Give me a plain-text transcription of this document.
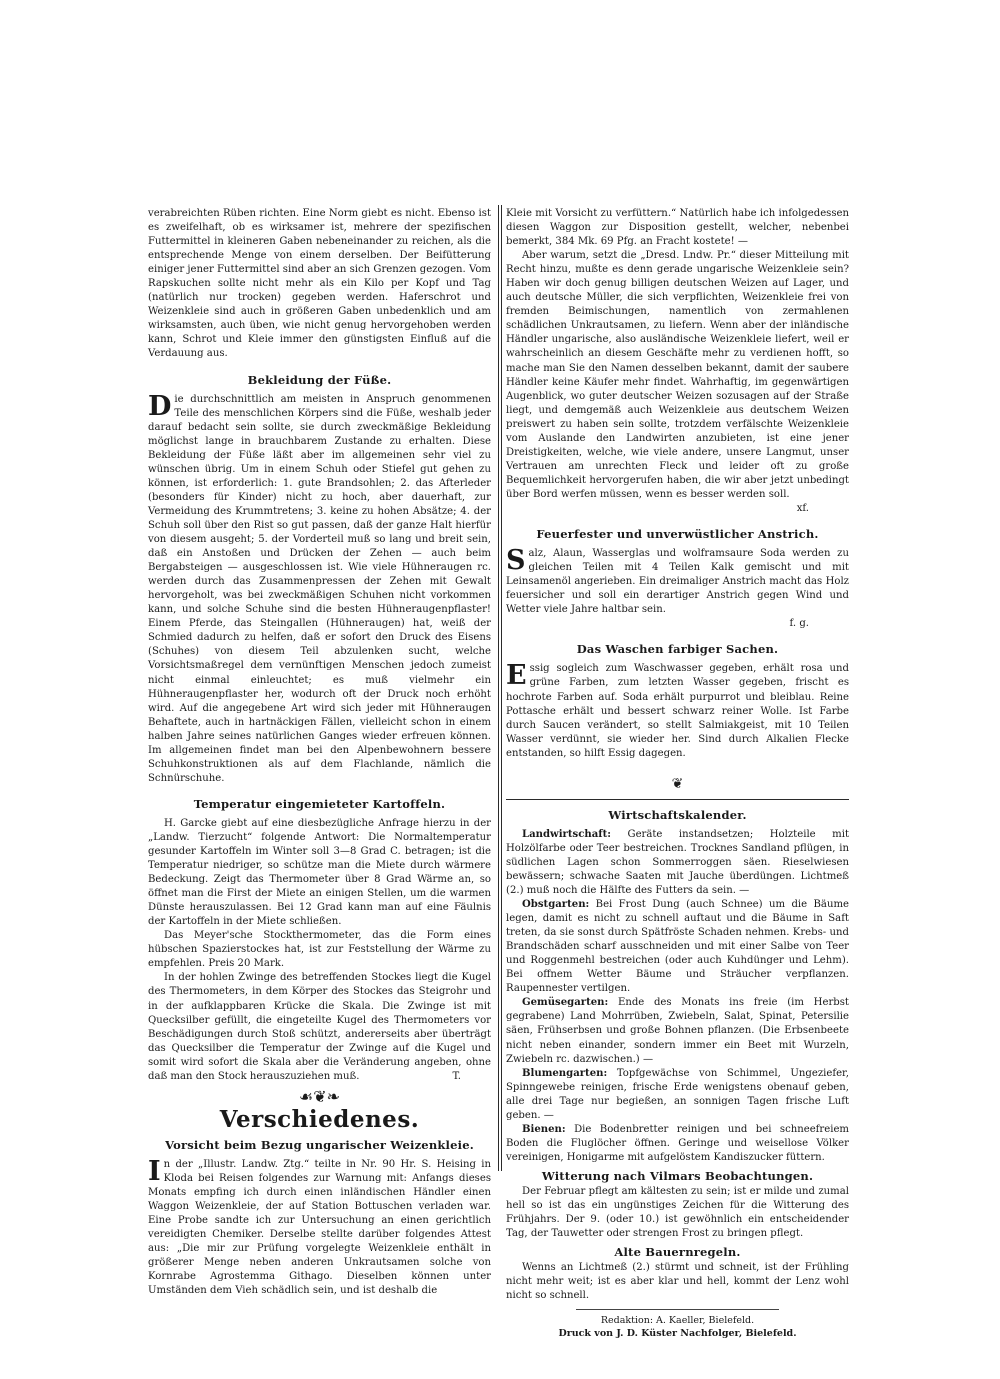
verabreichten Rüben richten. Eine Norm giebt es nicht. Ebenso ist es zweifelhaft, ob es wirksamer ist, mehrere der spezifischen Futtermittel in kleineren Gaben nebeneinander zu reichen, als die entsprechende Menge von einem derselben. Der Beifütterung einiger jener Futtermittel sind aber an sich Grenzen gezogen. Vom Rapskuchen sollte nicht mehr als ein Kilo per Kopf und Tag (natürlich nur trocken) gegeben werden. Haferschrot und Weizenkleie sind auch in größeren Gaben unbedenklich und am wirksamsten, auch üben, wie nicht genug hervorgehoben werden kann, Schrot und Kleie immer den günstigsten Einfluß auf die Verdauung aus.

Bekleidung der Füße.

Die durchschnittlich am meisten in Anspruch genommenen Teile des menschlichen Körpers sind die Füße, weshalb jeder darauf bedacht sein sollte, sie durch zweckmäßige Bekleidung möglichst lange in brauchbarem Zustande zu erhalten. Diese Bekleidung der Füße läßt aber im allgemeinen sehr viel zu wünschen übrig. Um in einem Schuh oder Stiefel gut gehen zu können, ist erforderlich: 1. gute Brandsohlen; 2. das Afterleder (besonders für Kinder) nicht zu hoch, aber dauerhaft, zur Vermeidung des Krummtretens; 3. keine zu hohen Absätze; 4. der Schuh soll über den Rist so gut passen, daß der ganze Halt hierfür von diesem ausgeht; 5. der Vorderteil muß so lang und breit sein, daß ein Anstoßen und Drücken der Zehen — auch beim Bergabsteigen — ausgeschlossen ist. Wie viele Hühneraugen rc. werden durch das Zusammenpressen der Zehen mit Gewalt hervorgeholt, was bei zweckmäßigen Schuhen nicht vorkommen kann, und solche Schuhe sind die besten Hühneraugenpflaster! Einem Pferde, das Steingallen (Hühneraugen) hat, weiß der Schmied dadurch zu helfen, daß er sofort den Druck des Eisens (Schuhes) von diesem Teil abzulenken sucht, welche Vorsichtsmaßregel dem vernünftigen Menschen jedoch zumeist nicht einmal einleuchtet; es muß vielmehr ein Hühneraugenpflaster her, wodurch oft der Druck noch erhöht wird. Auf die angegebene Art wird sich jeder mit Hühneraugen Behaftete, auch in hartnäckigen Fällen, vielleicht schon in einem halben Jahre seines natürlichen Ganges wieder erfreuen können. Im allgemeinen findet man bei den Alpenbewohnern bessere Schuhkonstruktionen als auf dem Flachlande, nämlich die Schnürschuhe.

Temperatur eingemieteter Kartoffeln.

H. Garcke giebt auf eine diesbezügliche Anfrage hierzu in der „Landw. Tierzucht“ folgende Antwort: Die Normaltemperatur gesunder Kartoffeln im Winter soll 3—8 Grad C. betragen; ist die Temperatur niedriger, so schütze man die Miete durch wärmere Bedeckung. Zeigt das Thermometer über 8 Grad Wärme an, so öffnet man die First der Miete an einigen Stellen, um die warmen Dünste herauszulassen. Bei 12 Grad kann man auf eine Fäulnis der Kartoffeln in der Miete schließen.

Das Meyer'sche Stockthermometer, das die Form eines hübschen Spazierstockes hat, ist zur Feststellung der Wärme zu empfehlen. Preis 20 Mark.

In der hohlen Zwinge des betreffenden Stockes liegt die Kugel des Thermometers, in dem Körper des Stockes das Steigrohr und in der aufklappbaren Krücke die Skala. Die Zwinge ist mit Quecksilber gefüllt, die eingeteilte Kugel des Thermometers vor Beschädigungen durch Stoß schützt, andererseits aber überträgt das Quecksilber die Temperatur der Zwinge auf die Kugel und somit wird sofort die Skala aber die Veränderung angeben, ohne daß man den Stock herauszuziehen muß.	T.

☙❦❧
Verschiedenes.
Vorsicht beim Bezug ungarischer Weizenkleie.

In der „Illustr. Landw. Ztg.“ teilte in Nr. 90 Hr. S. Heising in Kloda bei Reisen folgendes zur Warnung mit: Anfangs dieses Monats empfing ich durch einen inländischen Händler einen Waggon Weizenkleie, der auf Station Bottuschen verladen war. Eine Probe sandte ich zur Untersuchung an einen gerichtlich vereidigten Chemiker. Derselbe stellte darüber folgendes Attest aus: „Die mir zur Prüfung vorgelegte Weizenkleie enthält in größerer Menge neben anderen Unkrautsamen solche von Kornrabe Agrostemma Githago. Dieselben können unter Umständen dem Vieh schädlich sein, und ist deshalb die

Kleie mit Vorsicht zu verfüttern.“ Natürlich habe ich infolgedessen diesen Waggon zur Disposition gestellt, welcher, nebenbei bemerkt, 384 Mk. 69 Pfg. an Fracht kostete! —

Aber warum, setzt die „Dresd. Lndw. Pr.“ dieser Mitteilung mit Recht hinzu, mußte es denn gerade ungarische Weizenkleie sein? Haben wir doch genug billigen deutschen Weizen auf Lager, und auch deutsche Müller, die sich verpflichten, Weizenkleie frei von fremden Beimischungen, namentlich von zermahlenen schädlichen Unkrautsamen, zu liefern. Wenn aber der inländische Händler ungarische, also ausländische Weizenkleie liefert, weil er wahrscheinlich an diesem Geschäfte mehr zu verdienen hofft, so mache man Sie den Namen desselben bekannt, damit der saubere Händler keine Käufer mehr findet. Wahrhaftig, im gegenwärtigen Augenblick, wo guter deutscher Weizen sozusagen auf der Straße liegt, und demgemäß auch Weizenkleie aus deutschem Weizen preiswert zu haben sein sollte, trotzdem verfälschte Weizenkleie vom Auslande den Landwirten anzubieten, ist eine jener Dreistigkeiten, welche, wie viele andere, unsere Langmut, unser Vertrauen am unrechten Fleck und leider oft zu große Bequemlichkeit hervorgerufen haben, die wir aber jetzt unbedingt über Bord werfen müssen, wenn es besser werden soll.

xf.

Feuerfester und unverwüstlicher Anstrich.

Salz, Alaun, Wasserglas und wolframsaure Soda werden zu gleichen Teilen mit 4 Teilen Kalk gemischt und mit Leinsamenöl angerieben. Ein dreimaliger Anstrich macht das Holz feuersicher und soll ein derartiger Anstrich gegen Wind und Wetter viele Jahre haltbar sein.

f. g.

Das Waschen farbiger Sachen.

Essig sogleich zum Waschwasser gegeben, erhält rosa und grüne Farben, zum letzten Wasser gegeben, frischt es hochrote Farben auf. Soda erhält purpurrot und bleiblau. Reine Pottasche erhält und bessert schwarz reiner Wolle. Ist Farbe durch Saucen verändert, so stellt Salmiakgeist, mit 10 Teilen Wasser verdünnt, sie wieder her. Sind durch Alkalien Flecke entstanden, so hilft Essig dagegen.

❦
Wirtschaftskalender.

Landwirtschaft: Geräte instandsetzen; Holzteile mit Holzölfarbe oder Teer bestreichen. Trocknes Sandland pflügen, in südlichen Lagen schon Sommerroggen säen. Rieselwiesen bewässern; schwache Saaten mit Jauche überdüngen. Lichtmeß (2.) muß noch die Hälfte des Futters da sein. —

Obstgarten: Bei Frost Dung (auch Schnee) um die Bäume legen, damit es nicht zu schnell auftaut und die Bäume in Saft treten, da sie sonst durch Spätfröste Schaden nehmen. Krebs- und Brandschäden scharf ausschneiden und mit einer Salbe von Teer und Roggenmehl bestreichen (oder auch Kuhdünger und Lehm). Bei offnem Wetter Bäume und Sträucher verpflanzen. Raupennester vertilgen.

Gemüsegarten: Ende des Monats ins freie (im Herbst gegrabene) Land Mohrrüben, Zwiebeln, Salat, Spinat, Petersilie säen, Frühserbsen und große Bohnen pflanzen. (Die Erbsenbeete nicht neben einander, sondern immer ein Beet mit Wurzeln, Zwiebeln rc. dazwischen.) —

Blumengarten: Topfgewächse von Schimmel, Ungeziefer, Spinngewebe reinigen, frische Erde wenigstens obenauf geben, alle drei Tage nur begießen, an sonnigen Tagen frische Luft geben. —

Bienen: Die Bodenbretter reinigen und bei schneefreiem Boden die Fluglöcher öffnen. Geringe und weisellose Völker vereinigen, Honigarme mit aufgelöstem Kandiszucker füttern.

Witterung nach Vilmars Beobachtungen.

Der Februar pflegt am kältesten zu sein; ist er milde und zumal hell so ist das ein ungünstiges Zeichen für die Witterung des Frühjahrs. Der 9. (oder 10.) ist gewöhnlich ein entscheidender Tag, der Tauwetter oder strengen Frost zu bringen pflegt.

Alte Bauernregeln.

Wenns an Lichtmeß (2.) stürmt und schneit, ist der Frühling nicht mehr weit; ist es aber klar und hell, kommt der Lenz wohl nicht so schnell.

Redaktion: A. Kaeller, Bielefeld.
Druck von J. D. Küster Nachfolger, Bielefeld.
